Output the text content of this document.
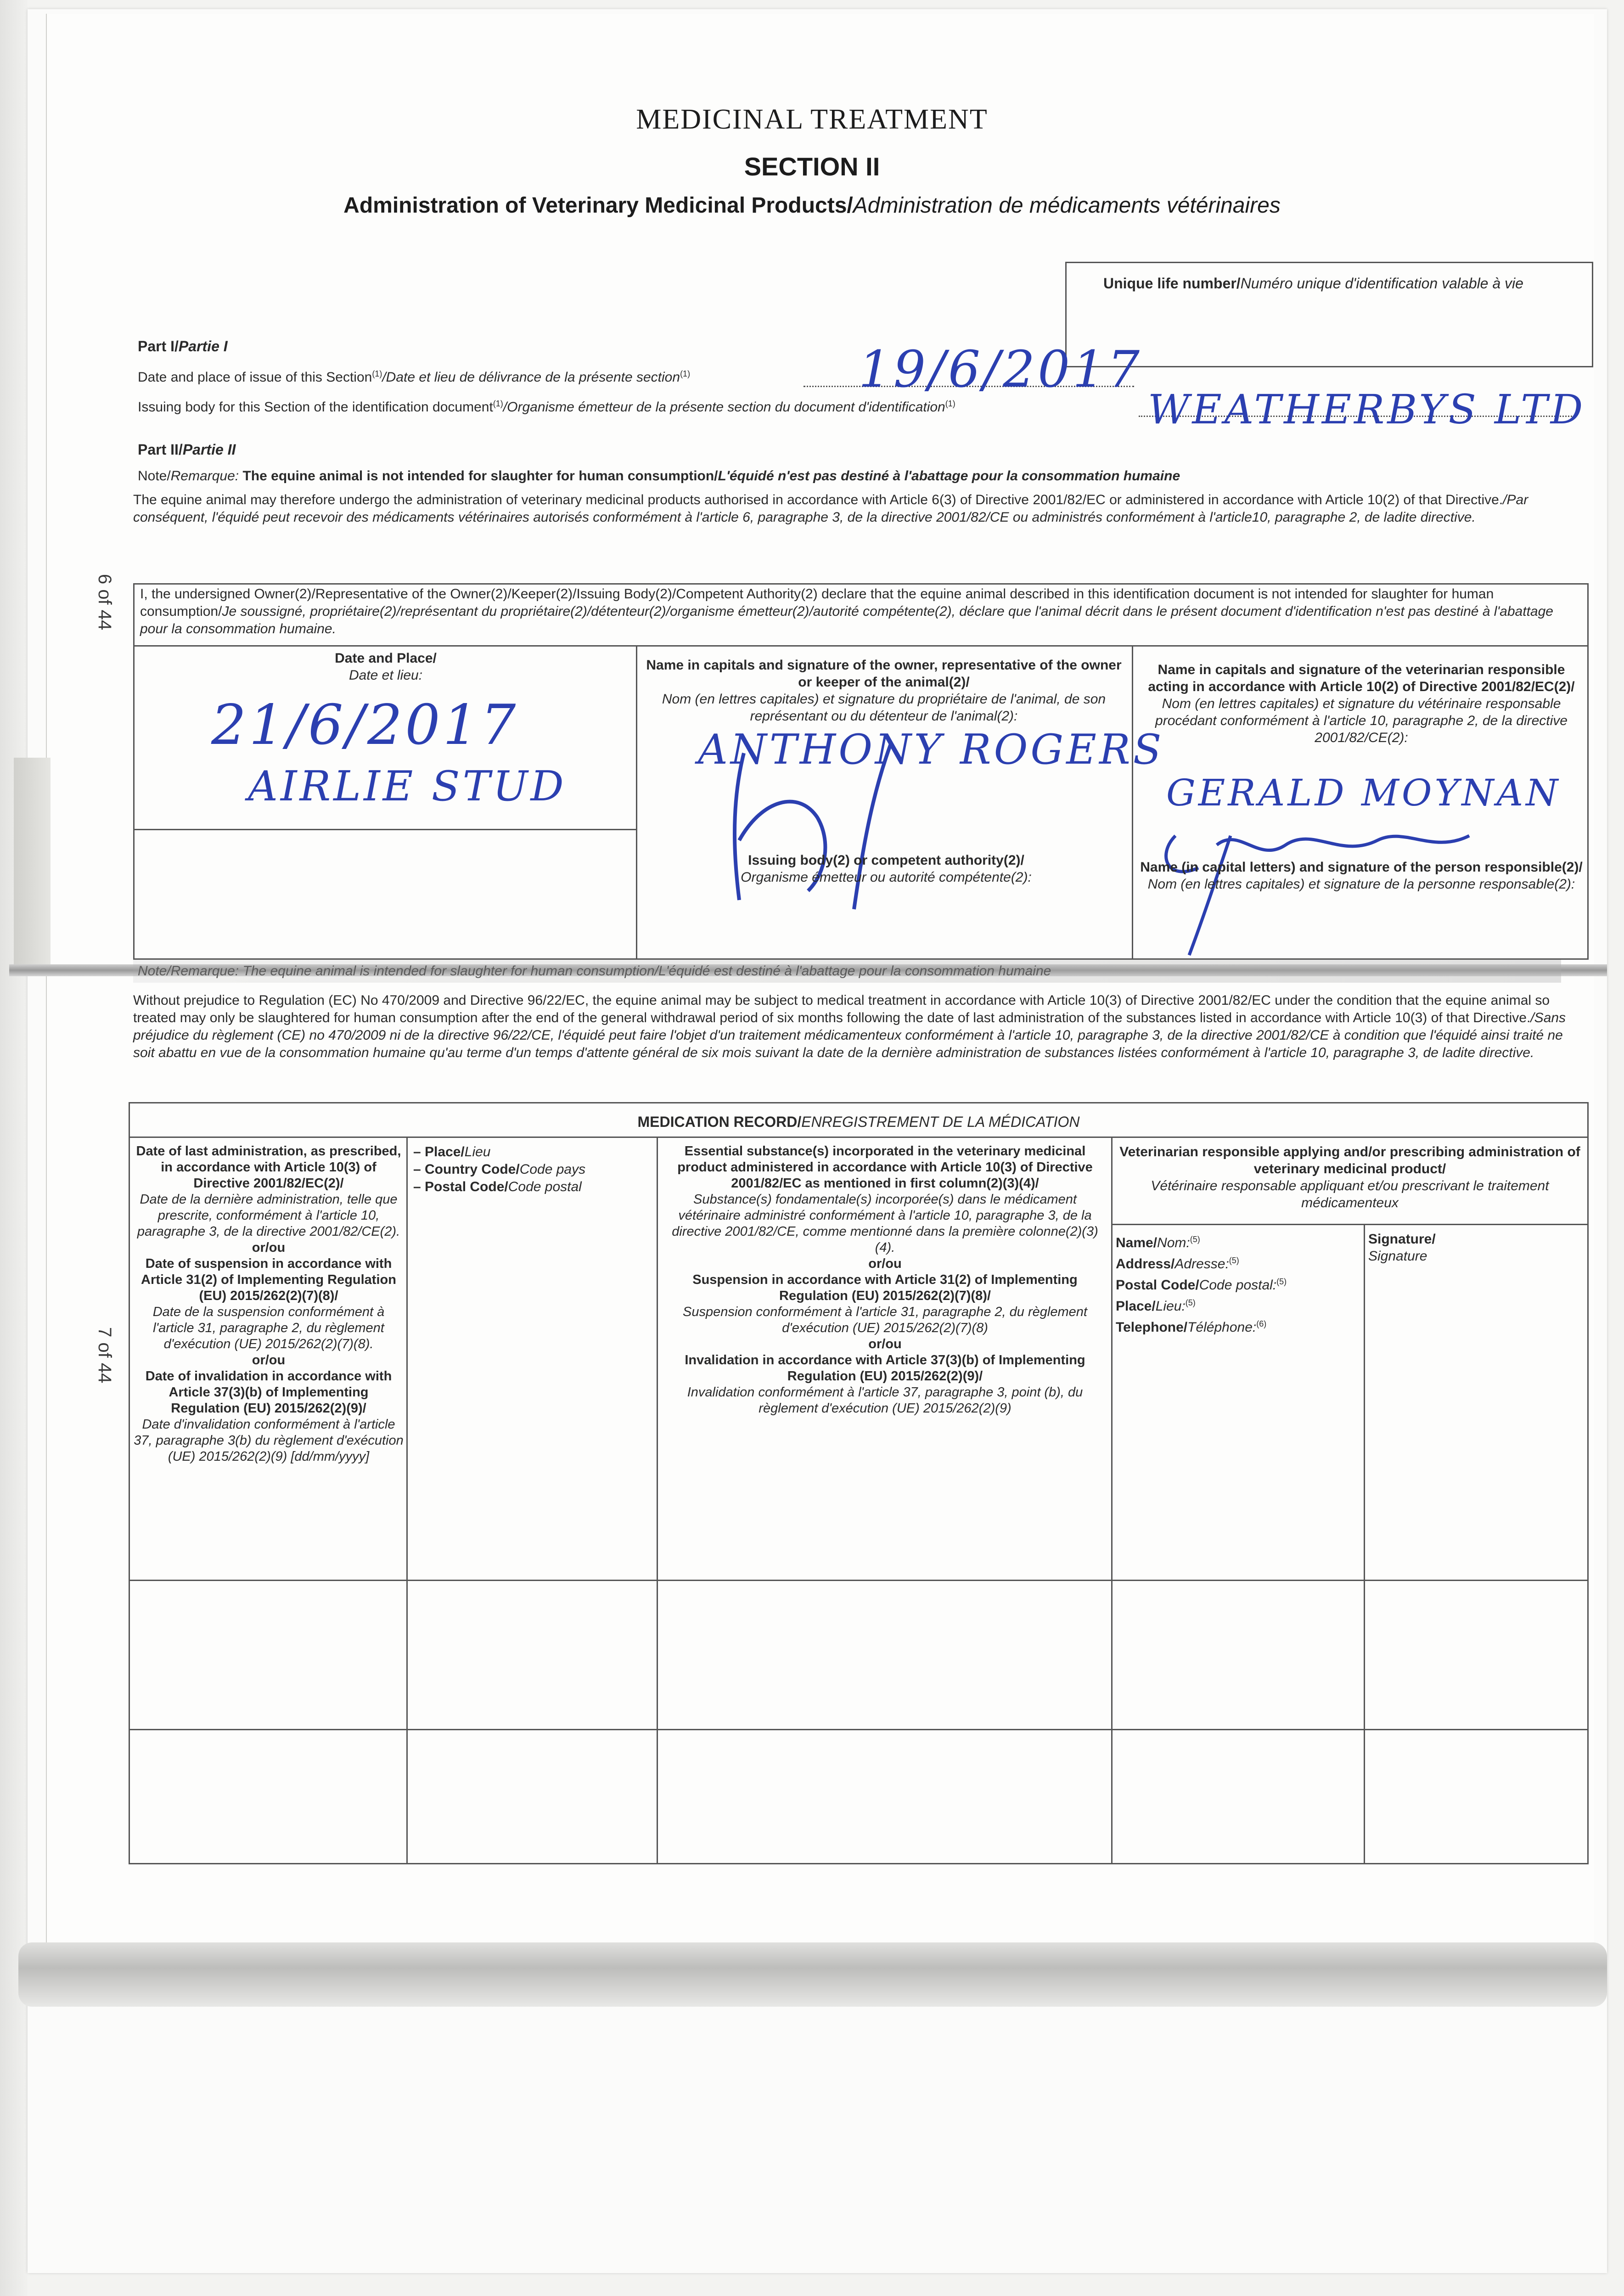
6 of 44
7 of 44
MEDICINAL TREATMENT
SECTION II
Administration of Veterinary Medicinal Products/Administration de médicaments vétérinaires
Unique life number/Numéro unique d'identification valable à vie
Part I/Partie I
Date and place of issue of this Section$^{(1)}$/Date et lieu de délivrance de la présente section$^{(1)}$	19/6/2017
Issuing body for this Section of the identification document$^{(1)}$/Organisme émetteur de la présente section du document d'identification$^{(1)}$	WEATHERBYS LTD
Part II/Partie II
Note/Remarque: The equine animal is not intended for slaughter for human consumption/L'équidé n'est pas destiné à l'abattage pour la consommation humaine
The equine animal may therefore undergo the administration of veterinary medicinal products authorised in accordance with Article 6(3) of Directive 2001/82/EC or administered in accordance with Article 10(2) of that Directive./Par conséquent, l'équidé peut recevoir des médicaments vétérinaires autorisés conformément à l'article 6, paragraphe 3, de la directive 2001/82/CE ou administrés conformément à l'article10, paragraphe 2, de ladite directive.
I, the undersigned Owner(2)/Representative of the Owner(2)/Keeper(2)/Issuing Body(2)/Competent Authority(2) declare that the equine animal described in this identification document is not intended for slaughter for human consumption/Je soussigné, propriétaire(2)/représentant du propriétaire(2)/détenteur(2)/organisme émetteur(2)/autorité compétente(2), déclare que l'animal décrit dans le présent document d'identification n'est pas destiné à l'abattage pour la consommation humaine.
Date and Place/
Date et lieu:
21/6/2017
AIRLIE STUD
Name in capitals and signature of the owner, representative of the owner or keeper of the animal(2)/
Nom (en lettres capitales) et signature du propriétaire de l'animal, de son représentant ou du détenteur de l'animal(2):
ANTHONY ROGERS
Issuing body(2) or competent authority(2)/
Organisme émetteur ou autorité compétente(2):
Name in capitals and signature of the veterinarian responsible acting in accordance with Article 10(2) of Directive 2001/82/EC(2)/
Nom (en lettres capitales) et signature du vétérinaire responsable procédant conformément à l'article 10, paragraphe 2, de la directive 2001/82/CE(2):
GERALD MOYNAN
Name (in capital letters) and signature of the person responsible(2)/
Nom (en lettres capitales) et signature de la personne responsable(2):
Note/Remarque: The equine animal is intended for slaughter for human consumption/L'équidé est destiné à l'abattage pour la consommation humaine
Without prejudice to Regulation (EC) No 470/2009 and Directive 96/22/EC, the equine animal may be subject to medical treatment in accordance with Article 10(3) of Directive 2001/82/EC under the condition that the equine animal so treated may only be slaughtered for human consumption after the end of the general withdrawal period of six months following the date of last administration of the substances listed in accordance with Article 10(3) of that Directive./Sans préjudice du règlement (CE) no 470/2009 ni de la directive 96/22/CE, l'équidé peut faire l'objet d'un traitement médicamenteux conformément à l'article 10, paragraphe 3, de la directive 2001/82/CE à condition que l'équidé ainsi traité ne soit abattu en vue de la consommation humaine qu'au terme d'un temps d'attente général de six mois suivant la date de la dernière administration de substances listées conformément à l'article 10, paragraphe 3, de ladite directive.
MEDICATION RECORD/ENREGISTREMENT DE LA MÉDICATION
Date of last administration, as prescribed, in accordance with Article 10(3) of Directive 2001/82/EC(2)/
Date de la dernière administration, telle que prescrite, conformément à l'article 10, paragraphe 3, de la directive 2001/82/CE(2).
or/ou
Date of suspension in accordance with Article 31(2) of Implementing Regulation (EU) 2015/262(2)(7)(8)/
Date de la suspension conformément à l'article 31, paragraphe 2, du règlement d'exécution (UE) 2015/262(2)(7)(8).
or/ou
Date of invalidation in accordance with Article 37(3)(b) of Implementing Regulation (EU) 2015/262(2)(9)/
Date d'invalidation conformément à l'article 37, paragraphe 3(b) du règlement d'exécution (UE) 2015/262(2)(9) [dd/mm/yyyy]
– Place/Lieu
– Country Code/Code pays
– Postal Code/Code postal
Essential substance(s) incorporated in the veterinary medicinal product administered in accordance with Article 10(3) of Directive 2001/82/EC as mentioned in first column(2)(3)(4)/
Substance(s) fondamentale(s) incorporée(s) dans le médicament vétérinaire administré conformément à l'article 10, paragraphe 3, de la directive 2001/82/CE, comme mentionné dans la première colonne(2)(3)(4).
or/ou
Suspension in accordance with Article 31(2) of Implementing Regulation (EU) 2015/262(2)(7)(8)/
Suspension conformément à l'article 31, paragraphe 2, du règlement d'exécution (UE) 2015/262(2)(7)(8)
or/ou
Invalidation in accordance with Article 37(3)(b) of Implementing Regulation (EU) 2015/262(2)(9)/
Invalidation conformément à l'article 37, paragraphe 3, point (b), du règlement d'exécution (UE) 2015/262(2)(9)
Veterinarian responsible applying and/or prescribing administration of veterinary medicinal product/
Vétérinaire responsable appliquant et/ou prescrivant le traitement médicamenteux
Name/Nom:$^{(5)}$
Address/Adresse:$^{(5)}$
Postal Code/Code postal:$^{(5)}$
Place/Lieu:$^{(5)}$
Telephone/Téléphone:$^{(6)}$
Signature/
Signature
